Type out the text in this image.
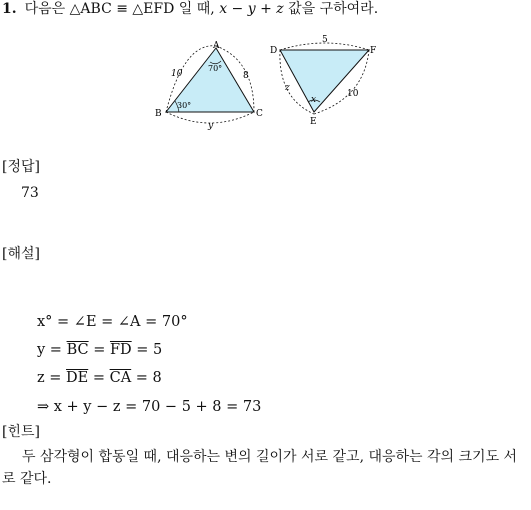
1. 다음은 △ABC ≡ △EFD 일 때, x − y + z 값을 구하여라.
A
B	C
70°
30°
10	8
y
D	F
E
5
z
10
x
[정답]
73
[해설]
x° = ∠E = ∠A = 70°
$y = \overline{BC} = \overline{FD} = 5$
$z = \overline{DE} = \overline{CA} = 8$
⇒ x + y − z = 70 − 5 + 8 = 73
[힌트]
두 삼각형이 합동일 때, 대응하는 변의 길이가 서로 같고, 대응하는 각의 크기도 서로 같다.
